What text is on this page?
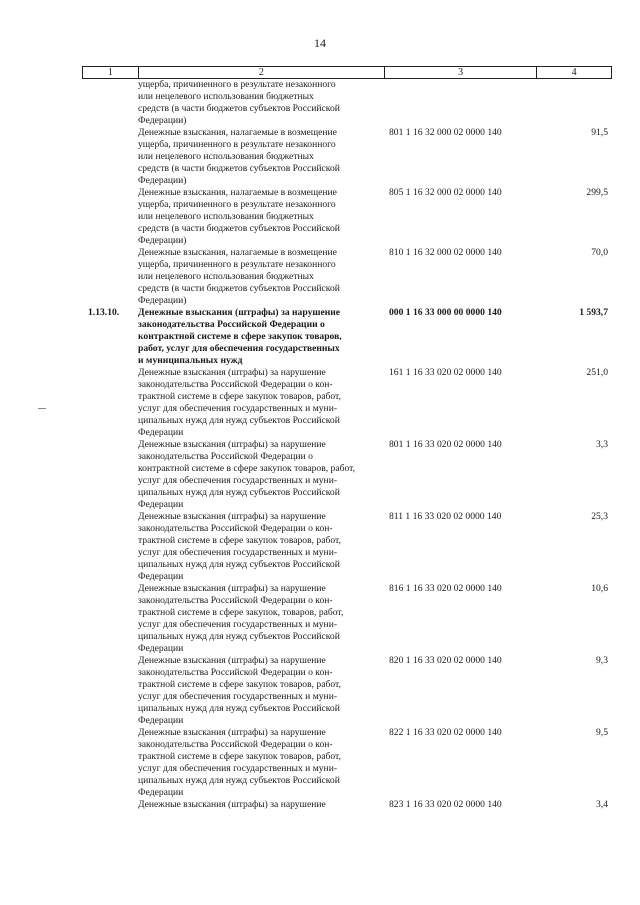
14
1	2	3	4
ущерба, причиненного в результате незаконного
или нецелевого использования бюджетных
средств (в части бюджетов субъектов Российской
Федерации)
Денежные взыскания, налагаемые в возмещение
ущерба, причиненного в результате незаконного
или нецелевого использования бюджетных
средств (в части бюджетов субъектов Российской
Федерации)
801 1 16 32 000 02 0000 140	91,5
Денежные взыскания, налагаемые в возмещение
ущерба, причиненного в результате незаконного
или нецелевого использования бюджетных
средств (в части бюджетов субъектов Российской
Федерации)
805 1 16 32 000 02 0000 140	299,5
Денежные взыскания, налагаемые в возмещение
ущерба, причиненного в результате незаконного
или нецелевого использования бюджетных
средств (в части бюджетов субъектов Российской
Федерации)
810 1 16 32 000 02 0000 140	70,0
1.13.10.	Денежные взыскания (штрафы) за нарушение
законодательства Российской Федерации о
контрактной системе в сфере закупок товаров,
работ, услуг для обеспечения государственных
и муниципальных нужд
000 1 16 33 000 00 0000 140	1 593,7
Денежные взыскания (штрафы) за нарушение
законодательства Российской Федерации о кон-
трактной системе в сфере закупок товаров, работ,
услуг для обеспечения государственных и муни-
ципальных нужд для нужд субъектов Российской
Федерации
161 1 16 33 020 02 0000 140	251,0
Денежные взыскания (штрафы) за нарушение
законодательства Российской Федерации о
контрактной системе в сфере закупок товаров, работ,
услуг для обеспечения государственных и муни-
ципальных нужд для нужд субъектов Российской
Федерации
801 1 16 33 020 02 0000 140	3,3
Денежные взыскания (штрафы) за нарушение
законодательства Российской Федерации о кон-
трактной системе в сфере закупок товаров, работ,
услуг для обеспечения государственных и муни-
ципальных нужд для нужд субъектов Российской
Федерации
811 1 16 33 020 02 0000 140	25,3
Денежные взыскания (штрафы) за нарушение
законодательства Российской Федерации о кон-
трактной системе в сфере закупок, товаров, работ,
услуг для обеспечения государственных и муни-
ципальных нужд для нужд субъектов Российской
Федерации
816 1 16 33 020 02 0000 140	10,6
Денежные взыскания (штрафы) за нарушение
законодательства Российской Федерации о кон-
трактной системе в сфере закупок товаров, работ,
услуг для обеспечения государственных и муни-
ципальных нужд для нужд субъектов Российской
Федерации
820 1 16 33 020 02 0000 140	9,3
Денежные взыскания (штрафы) за нарушение
законодательства Российской Федерации о кон-
трактной системе в сфере закупок товаров, работ,
услуг для обеспечения государственных и муни-
ципальных нужд для нужд субъектов Российской
Федерации
822 1 16 33 020 02 0000 140	9,5
Денежные взыскания (штрафы) за нарушение	823 1 16 33 020 02 0000 140	3,4
